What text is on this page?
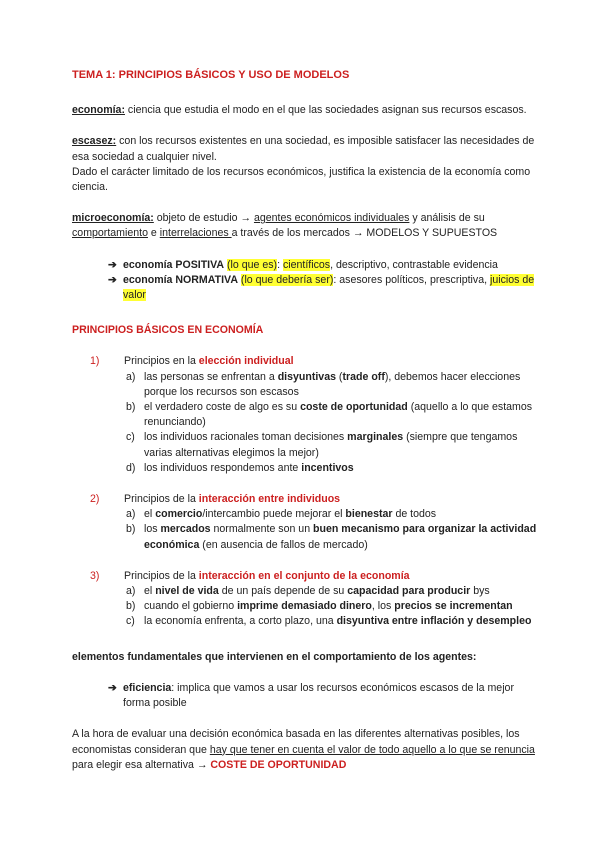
TEMA 1: PRINCIPIOS BÁSICOS Y USO DE MODELOS

economía: ciencia que estudia el modo en el que las sociedades asignan sus recursos escasos.

escasez: con los recursos existentes en una sociedad, es imposible satisfacer las necesidades de esa sociedad a cualquier nivel.

Dado el carácter limitado de los recursos económicos, justifica la existencia de la economía como ciencia.

microeconomía: objeto de estudio → agentes económicos individuales y análisis de su comportamiento e interrelaciones a través de los mercados → MODELOS Y SUPUESTOS

➔ economía POSITIVA (lo que es): científicos, descriptivo, contrastable evidencia
➔ economía NORMATIVA (lo que debería ser): asesores políticos, prescriptiva, juicios de valor

PRINCIPIOS BÁSICOS EN ECONOMÍA

1) Principios en la elección individual
a) las personas se enfrentan a disyuntivas (trade off), debemos hacer elecciones porque los recursos son escasos
b) el verdadero coste de algo es su coste de oportunidad (aquello a lo que estamos renunciando)
c) los individuos racionales toman decisiones marginales (siempre que tengamos varias alternativas elegimos la mejor)
d) los individuos respondemos ante incentivos
2) Principios de la interacción entre individuos
a) el comercio/intercambio puede mejorar el bienestar de todos
b) los mercados normalmente son un buen mecanismo para organizar la actividad económica (en ausencia de fallos de mercado)
3) Principios de la interacción en el conjunto de la economía
a) el nivel de vida de un país depende de su capacidad para producir bys
b) cuando el gobierno imprime demasiado dinero, los precios se incrementan
c) la economía enfrenta, a corto plazo, una disyuntiva entre inflación y desempleo

elementos fundamentales que intervienen en el comportamiento de los agentes:

➔ eficiencia: implica que vamos a usar los recursos económicos escasos de la mejor forma posible

A la hora de evaluar una decisión económica basada en las diferentes alternativas posibles, los economistas consideran que hay que tener en cuenta el valor de todo aquello a lo que se renuncia para elegir esa alternativa → COSTE DE OPORTUNIDAD
